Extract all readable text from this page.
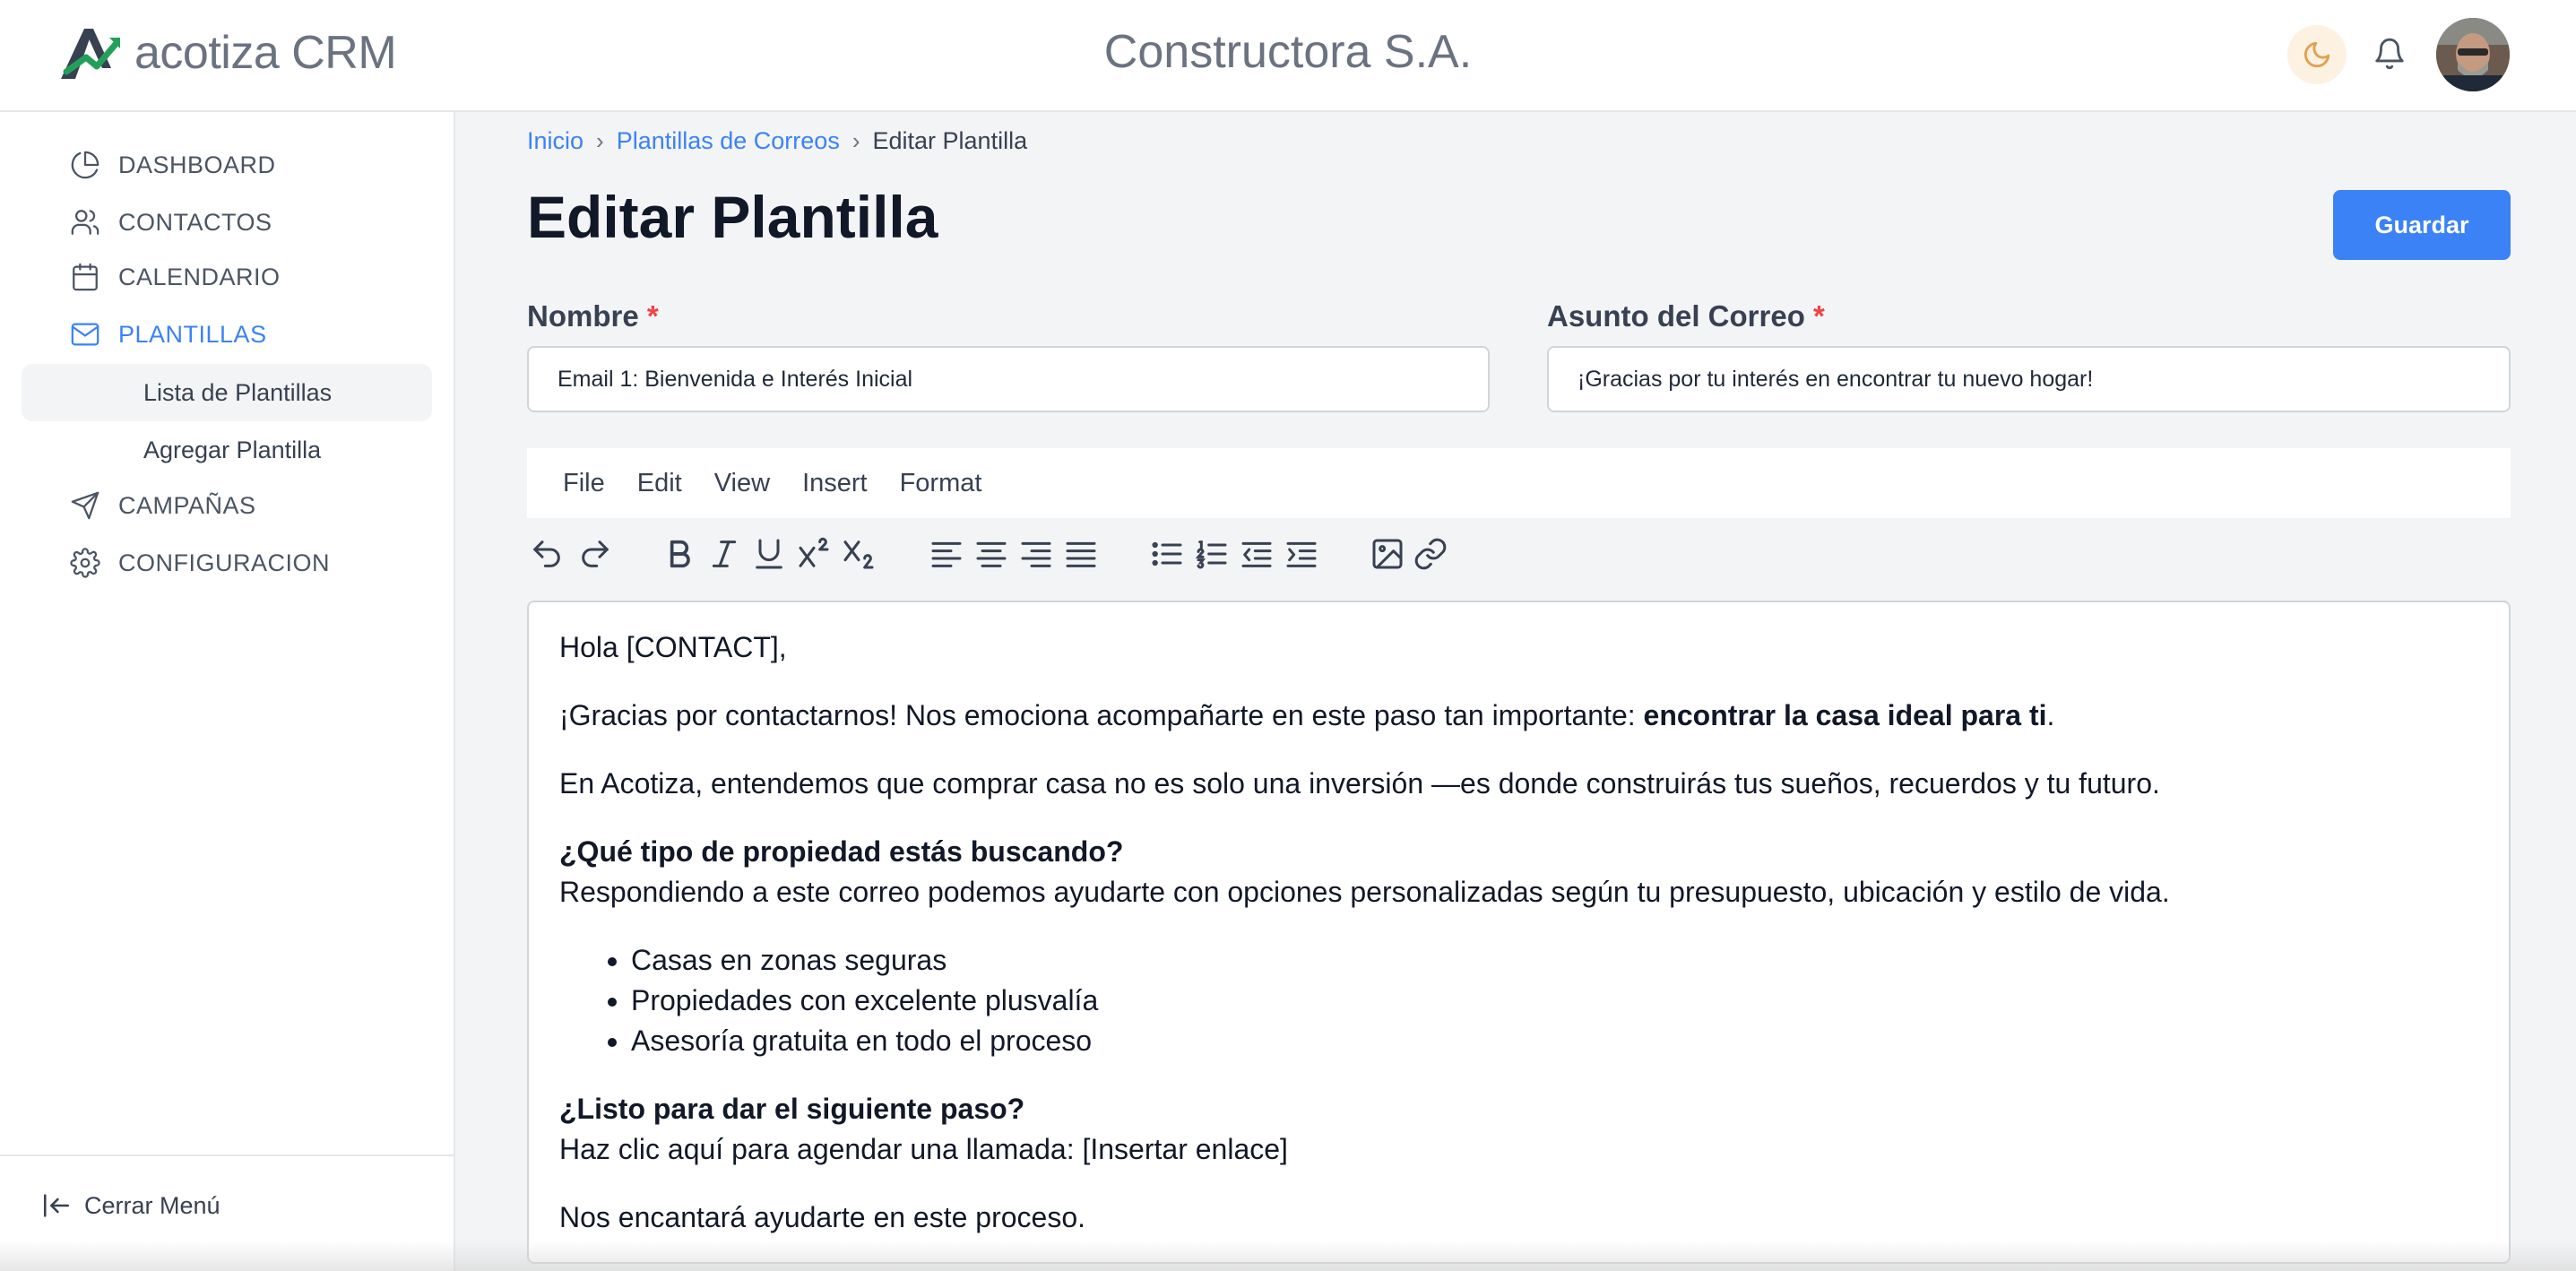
acotiza CRM	Constructora S.A.
DASHBOARD
CONTACTOS
CALENDARIO
PLANTILLAS
Lista de Plantillas
Agregar Plantilla
CAMPAÑAS
CONFIGURACION
Cerrar Menú
Inicio › Plantillas de Correos › Editar Plantilla
Editar Plantilla	Guardar
Nombre *
Email 1: Bienvenida e Interés Inicial	Asunto del Correo *
¡Gracias por tu interés en encontrar tu nuevo hogar!
File Edit View Insert Format

Hola [CONTACT],

¡Gracias por contactarnos! Nos emociona acompañarte en este paso tan importante: encontrar la casa ideal para ti.

En Acotiza, entendemos que comprar casa no es solo una inversión —es donde construirás tus sueños, recuerdos y tu futuro.

¿Qué tipo de propiedad estás buscando?

Respondiendo a este correo podemos ayudarte con opciones personalizadas según tu presupuesto, ubicación y estilo de vida.

• Casas en zonas seguras
• Propiedades con excelente plusvalía
• Asesoría gratuita en todo el proceso

¿Listo para dar el siguiente paso?

Haz clic aquí para agendar una llamada: [Insertar enlace]

Nos encantará ayudarte en este proceso.
